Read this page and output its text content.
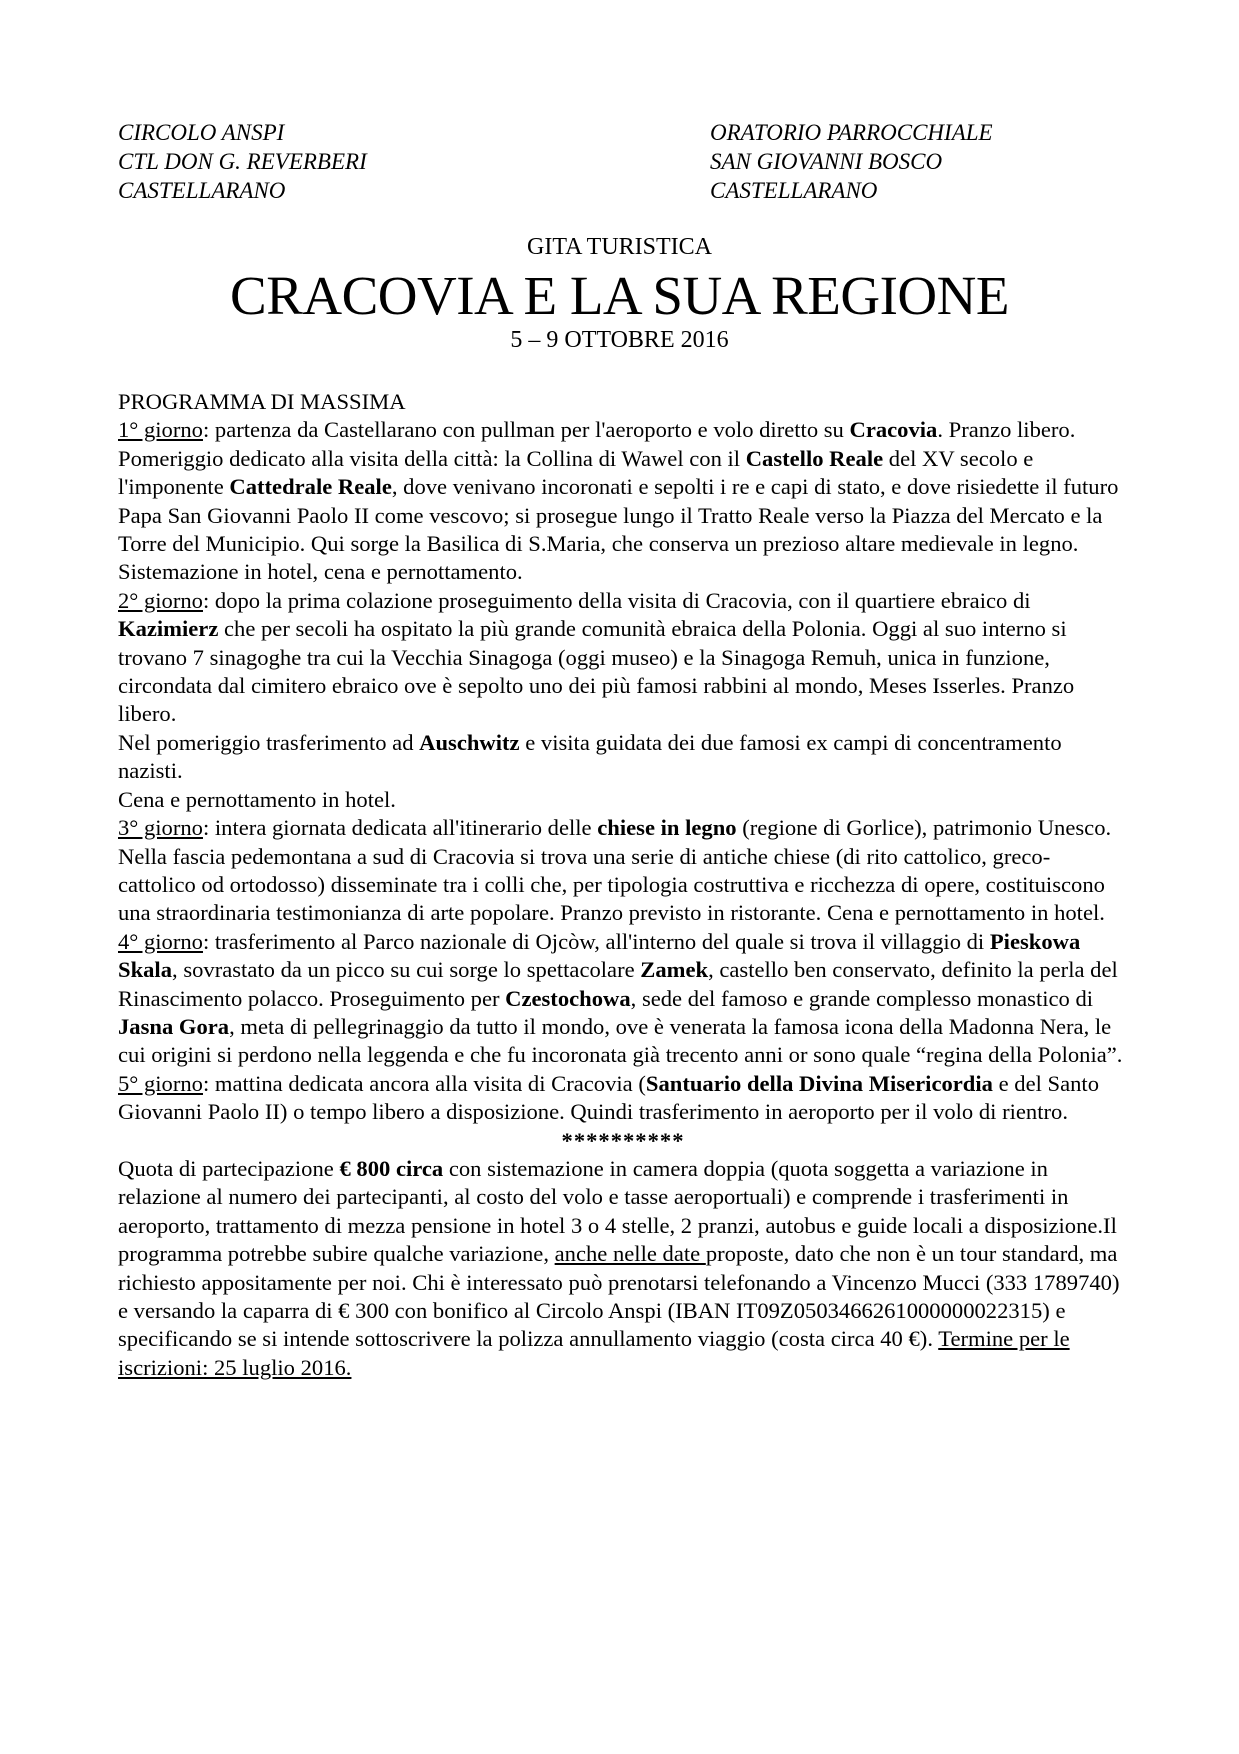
CIRCOLO ANSPI
CTL DON G. REVERBERI
CASTELLARANO
ORATORIO PARROCCHIALE
SAN GIOVANNI BOSCO
CASTELLARANO
GITA TURISTICA
CRACOVIA E LA SUA REGIONE
5 – 9 OTTOBRE 2016

PROGRAMMA DI MASSIMA

1° giorno: partenza da Castellarano con pullman per l'aeroporto e volo diretto su Cracovia. Pranzo libero. Pomeriggio dedicato alla visita della città: la Collina di Wawel con il Castello Reale del XV secolo e l'imponente Cattedrale Reale, dove venivano incoronati e sepolti i re e capi di stato, e dove risiedette il futuro Papa San Giovanni Paolo II come vescovo; si prosegue lungo il Tratto Reale verso la Piazza del Mercato e la Torre del Municipio. Qui sorge la Basilica di S.Maria, che conserva un prezioso altare medievale in legno.

Sistemazione in hotel, cena e pernottamento.

2° giorno: dopo la prima colazione proseguimento della visita di Cracovia, con il quartiere ebraico di Kazimierz che per secoli ha ospitato la più grande comunità ebraica della Polonia. Oggi al suo interno si trovano 7 sinagoghe tra cui la Vecchia Sinagoga (oggi museo) e la Sinagoga Remuh, unica in funzione, circondata dal cimitero ebraico ove è sepolto uno dei più famosi rabbini al mondo, Meses Isserles. Pranzo libero.

Nel pomeriggio trasferimento ad Auschwitz e visita guidata dei due famosi ex campi di concentramento nazisti.

Cena e pernottamento in hotel.

3° giorno: intera giornata dedicata all'itinerario delle chiese in legno (regione di Gorlice), patrimonio Unesco. Nella fascia pedemontana a sud di Cracovia si trova una serie di antiche chiese (di rito cattolico, greco-cattolico od ortodosso) disseminate tra i colli che, per tipologia costruttiva e ricchezza di opere, costituiscono una straordinaria testimonianza di arte popolare. Pranzo previsto in ristorante. Cena e pernottamento in hotel.

4° giorno: trasferimento al Parco nazionale di Ojcòw, all'interno del quale si trova il villaggio di Pieskowa Skala, sovrastato da un picco su cui sorge lo spettacolare Zamek, castello ben conservato, definito la perla del Rinascimento polacco. Proseguimento per Czestochowa, sede del famoso e grande complesso monastico di Jasna Gora, meta di pellegrinaggio da tutto il mondo, ove è venerata la famosa icona della Madonna Nera, le cui origini si perdono nella leggenda e che fu incoronata già trecento anni or sono quale “regina della Polonia”.

5° giorno: mattina dedicata ancora alla visita di Cracovia (Santuario della Divina Misericordia e del Santo Giovanni Paolo II) o tempo libero a disposizione. Quindi trasferimento in aeroporto per il volo di rientro.

**********

Quota di partecipazione € 800 circa con sistemazione in camera doppia (quota soggetta a variazione in relazione al numero dei partecipanti, al costo del volo e tasse aeroportuali) e comprende i trasferimenti in aeroporto, trattamento di mezza pensione in hotel 3 o 4 stelle, 2 pranzi, autobus e guide locali a disposizione.Il programma potrebbe subire qualche variazione, anche nelle date proposte, dato che non è un tour standard, ma richiesto appositamente per noi. Chi è interessato può prenotarsi telefonando a Vincenzo Mucci (333 1789740) e versando la caparra di € 300 con bonifico al Circolo Anspi (IBAN IT09Z0503466261000000022315) e specificando se si intende sottoscrivere la polizza annullamento viaggio (costa circa 40 €). Termine per le iscrizioni: 25 luglio 2016.
